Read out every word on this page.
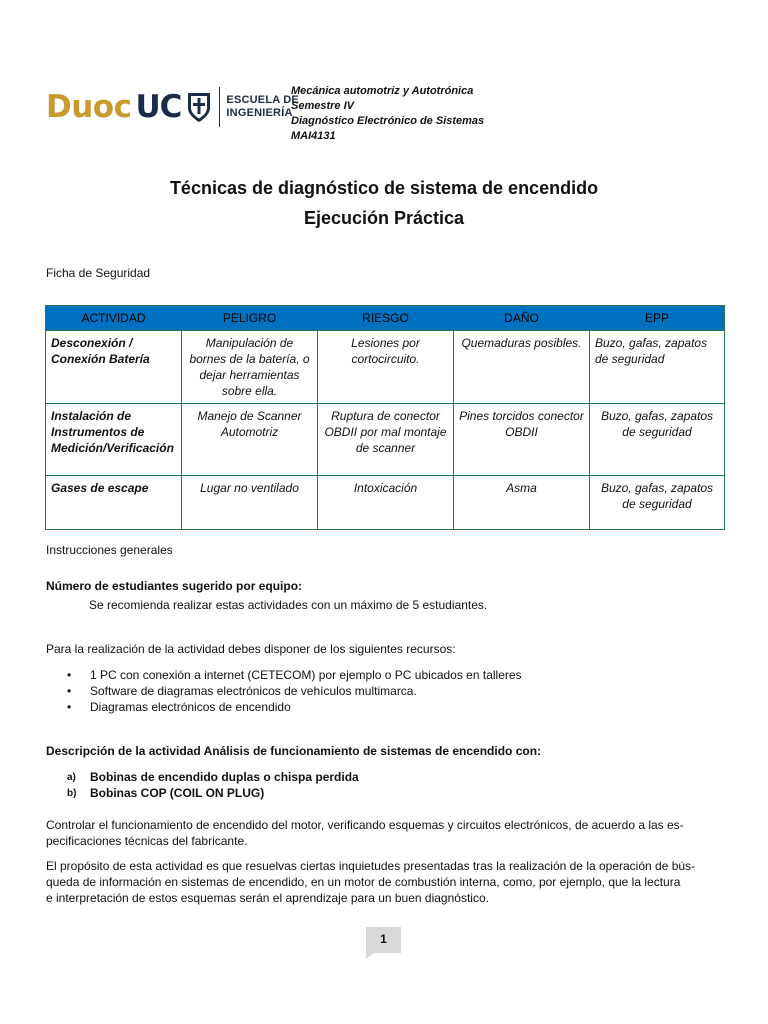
Duoc UC	ESCUELA DE
INGENIERÍA
Mecánica automotriz y Autotrónica
Semestre IV
Diagnóstico Electrónico de Sistemas
MAI4131
Técnicas de diagnóstico de sistema de encendido
Ejecución Práctica
Ficha de Seguridad
ACTIVIDAD	PELIGRO	RIESGO	DAÑO	EPP
Desconexión / Conexión Batería	Manipulación de bornes de la batería, o dejar herramientas sobre ella.	Lesiones por cortocircuito.	Quemaduras posibles.	Buzo, gafas, zapatos de seguridad
Instalación de Instrumentos de Medición/Verificación	Manejo de Scanner Automotriz	Ruptura de conector OBDII por mal montaje de scanner	Pines torcidos conector OBDII	Buzo, gafas, zapatos de seguridad
Gases de escape	Lugar no ventilado	Intoxicación	Asma	Buzo, gafas, zapatos de seguridad
Instrucciones generales
Número de estudiantes sugerido por equipo:
Se recomienda realizar estas actividades con un máximo de 5 estudiantes.
Para la realización de la actividad debes disponer de los siguientes recursos:
• 1 PC con conexión a internet (CETECOM) por ejemplo o PC ubicados en talleres
• Software de diagramas electrónicos de vehículos multimarca.
• Diagramas electrónicos de encendido
Descripción de la actividad Análisis de funcionamiento de sistemas de encendido con:
a) Bobinas de encendido duplas o chispa perdida
b) Bobinas COP (COIL ON PLUG)
Controlar el funcionamiento de encendido del motor, verificando esquemas y circuitos electrónicos, de acuerdo a las es-
pecificaciones técnicas del fabricante.
El propósito de esta actividad es que resuelvas ciertas inquietudes presentadas tras la realización de la operación de bús-
queda de información en sistemas de encendido, en un motor de combustión interna, como, por ejemplo, que la lectura
e interpretación de estos esquemas serán el aprendizaje para un buen diagnóstico.
1
